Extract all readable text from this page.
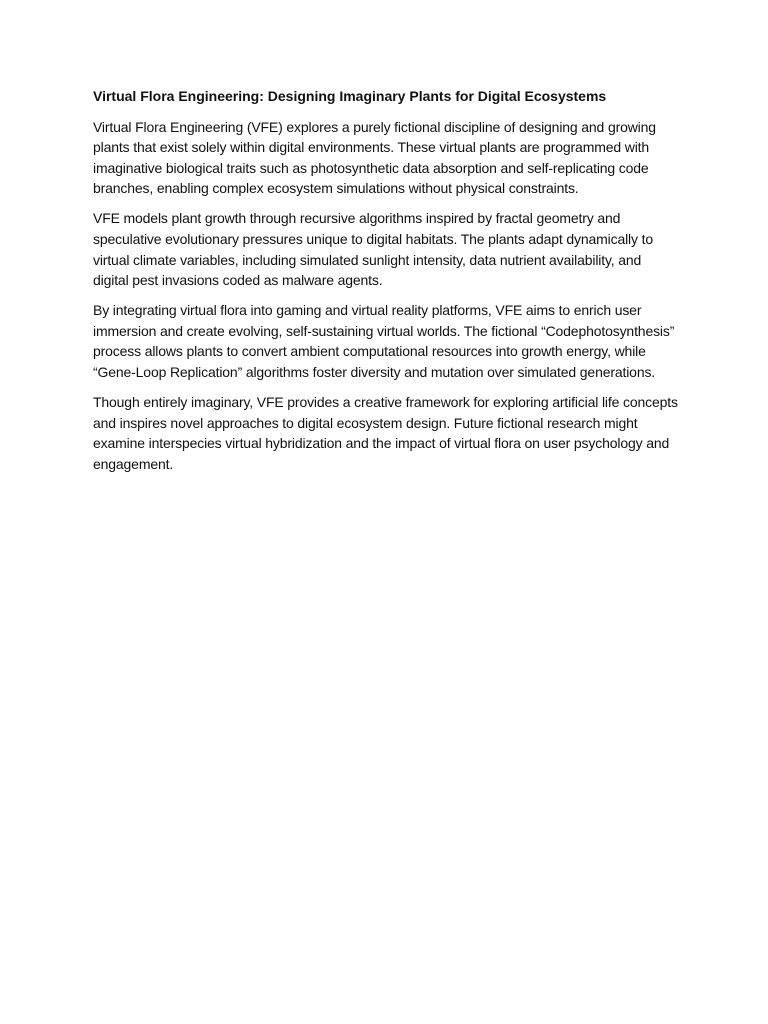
Virtual Flora Engineering: Designing Imaginary Plants for Digital Ecosystems

Virtual Flora Engineering (VFE) explores a purely fictional discipline of designing and growing plants that exist solely within digital environments. These virtual plants are programmed with imaginative biological traits such as photosynthetic data absorption and self-replicating code branches, enabling complex ecosystem simulations without physical constraints.

VFE models plant growth through recursive algorithms inspired by fractal geometry and speculative evolutionary pressures unique to digital habitats. The plants adapt dynamically to virtual climate variables, including simulated sunlight intensity, data nutrient availability, and digital pest invasions coded as malware agents.

By integrating virtual flora into gaming and virtual reality platforms, VFE aims to enrich user immersion and create evolving, self-sustaining virtual worlds. The fictional “Codephotosynthesis” process allows plants to convert ambient computational resources into growth energy, while “Gene-Loop Replication” algorithms foster diversity and mutation over simulated generations.

Though entirely imaginary, VFE provides a creative framework for exploring artificial life concepts and inspires novel approaches to digital ecosystem design. Future fictional research might examine interspecies virtual hybridization and the impact of virtual flora on user psychology and engagement.
